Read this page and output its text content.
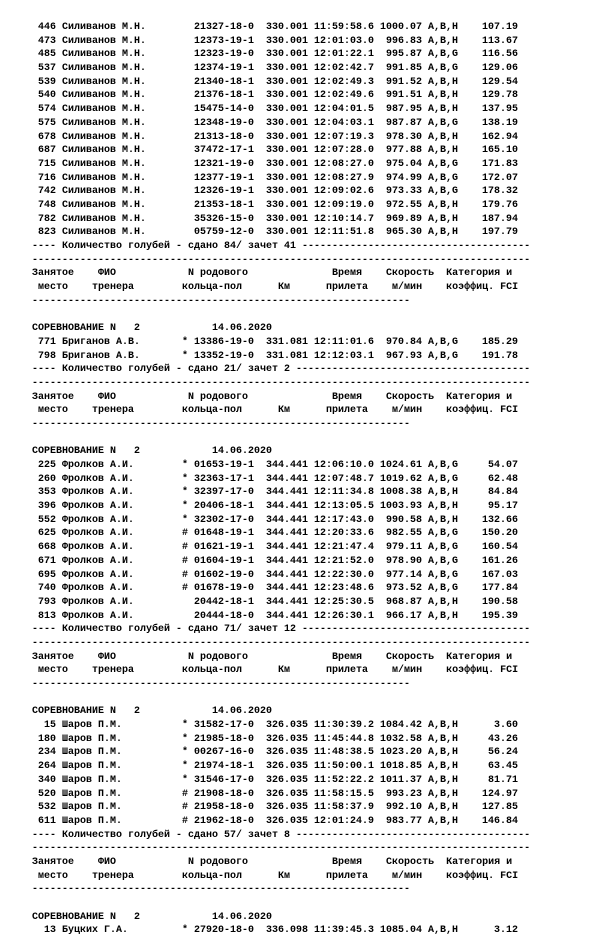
446 Силиванов М.Н.	21327-18-0 330.001 11:59:58.6 1000.07 A,B,H 107.19
473 Силиванов М.Н.	12373-19-1 330.001 12:01:03.0 996.83 A,B,H 113.67
485 Силиванов М.Н.	12323-19-0 330.001 12:01:22.1 995.87 A,B,G 116.56
537 Силиванов М.Н.	12374-19-1 330.001 12:02:42.7 991.85 A,B,G 129.06
539 Силиванов М.Н.	21340-18-1 330.001 12:02:49.3 991.52 A,B,H 129.54
540 Силиванов М.Н.	21376-18-1 330.001 12:02:49.6 991.51 A,B,H 129.78
574 Силиванов М.Н.	15475-14-0 330.001 12:04:01.5 987.95 A,B,H 137.95
575 Силиванов М.Н.	12348-19-0 330.001 12:04:03.1 987.87 A,B,G 138.19
678 Силиванов М.Н.	21313-18-0 330.001 12:07:19.3 978.30 A,B,H 162.94
687 Силиванов М.Н.	37472-17-1 330.001 12:07:28.0 977.88 A,B,H 165.10
715 Силиванов М.Н.	12321-19-0 330.001 12:08:27.0 975.04 A,B,G 171.83
716 Силиванов М.Н.	12377-19-1 330.001 12:08:27.9 974.99 A,B,G 172.07
742 Силиванов М.Н.	12326-19-1 330.001 12:09:02.6 973.33 A,B,G 178.32
748 Силиванов М.Н.	21353-18-1 330.001 12:09:19.0 972.55 A,B,H 179.76
782 Силиванов М.Н.	35326-15-0 330.001 12:10:14.7 969.89 A,B,H 187.94
823 Силиванов М.Н.	05759-12-0 330.001 12:11:51.8 965.30 A,B,H 197.79
---- Количество голубей - сдано 84/ зачет 41 --------------------------------------
-----------------------------------------------------------------------------------
Занятое    ФИО            N родового              Время    Скорость  Категория и
место    тренера        кольца-пол      Км      прилета    м/мин    коэффиц. FCI
---------------------------------------------------------------
СОРЕВНОВАНИЕ N   2	14.06.2020
771 Бриганов А.В.	* 13386-19-0 331.081 12:11:01.6 970.84 A,B,G 185.29
798 Бриганов А.В.	* 13352-19-0 331.081 12:12:03.1 967.93 A,B,G 191.78
---- Количество голубей - сдано 21/ зачет 2 ---------------------------------------
-----------------------------------------------------------------------------------
Занятое    ФИО            N родового              Время    Скорость  Категория и
место    тренера        кольца-пол      Км      прилета    м/мин    коэффиц. FCI
---------------------------------------------------------------
СОРЕВНОВАНИЕ N   2	14.06.2020
225 Фролков А.И.	* 01653-19-1 344.441 12:06:10.0 1024.61 A,B,G	54.07
260 Фролков А.И.	* 32363-17-1 344.441 12:07:48.7 1019.62 A,B,G	62.48
353 Фролков А.И.	* 32397-17-0 344.441 12:11:34.8 1008.38 A,B,H	84.84
396 Фролков А.И.	* 20406-18-1 344.441 12:13:05.5 1003.93 A,B,H	95.17
552 Фролков А.И.	* 32302-17-0 344.441 12:17:43.0 990.58 A,B,H 132.66
625 Фролков А.И.	# 01648-19-1 344.441 12:20:33.6 982.55 A,B,G 150.20
668 Фролков А.И.	# 01621-19-1 344.441 12:21:47.4 979.11 A,B,G 160.54
671 Фролков А.И.	# 01604-19-1 344.441 12:21:52.0 978.90 A,B,G 161.26
695 Фролков А.И.	# 01602-19-0 344.441 12:22:30.0 977.14 A,B,G 167.03
740 Фролков А.И.	# 01678-19-0 344.441 12:23:48.6 973.52 A,B,G 177.84
793 Фролков А.И.	20442-18-1 344.441 12:25:30.5 968.87 A,B,H 190.58
813 Фролков А.И.	20444-18-0 344.441 12:26:30.1 966.17 A,B,H 195.39
---- Количество голубей - сдано 71/ зачет 12 --------------------------------------
-----------------------------------------------------------------------------------
Занятое    ФИО            N родового              Время    Скорость  Категория и
место    тренера        кольца-пол      Км      прилета    м/мин    коэффиц. FCI
---------------------------------------------------------------
СОРЕВНОВАНИЕ N   2	14.06.2020
15 Шаров П.М.	* 31582-17-0 326.035 11:30:39.2 1084.42 A,B,H	3.60
180 Шаров П.М.	* 21985-18-0 326.035 11:45:44.8 1032.58 A,B,H	43.26
234 Шаров П.М.	* 00267-16-0 326.035 11:48:38.5 1023.20 A,B,H	56.24
264 Шаров П.М.	* 21974-18-1 326.035 11:50:00.1 1018.85 A,B,H	63.45
340 Шаров П.М.	* 31546-17-0 326.035 11:52:22.2 1011.37 A,B,H	81.71
520 Шаров П.М.	# 21908-18-0 326.035 11:58:15.5 993.23 A,B,H 124.97
532 Шаров П.М.	# 21958-18-0 326.035 11:58:37.9 992.10 A,B,H 127.85
611 Шаров П.М.	# 21962-18-0 326.035 12:01:24.9 983.77 A,B,H 146.84
---- Количество голубей - сдано 57/ зачет 8 ---------------------------------------
-----------------------------------------------------------------------------------
Занятое    ФИО            N родового              Время    Скорость  Категория и
место    тренера        кольца-пол      Км      прилета    м/мин    коэффиц. FCI
---------------------------------------------------------------
СОРЕВНОВАНИЕ N   2	14.06.2020
13 Буцких Г.А.	* 27920-18-0 336.098 11:39:45.3 1085.04 A,B,H	3.12
